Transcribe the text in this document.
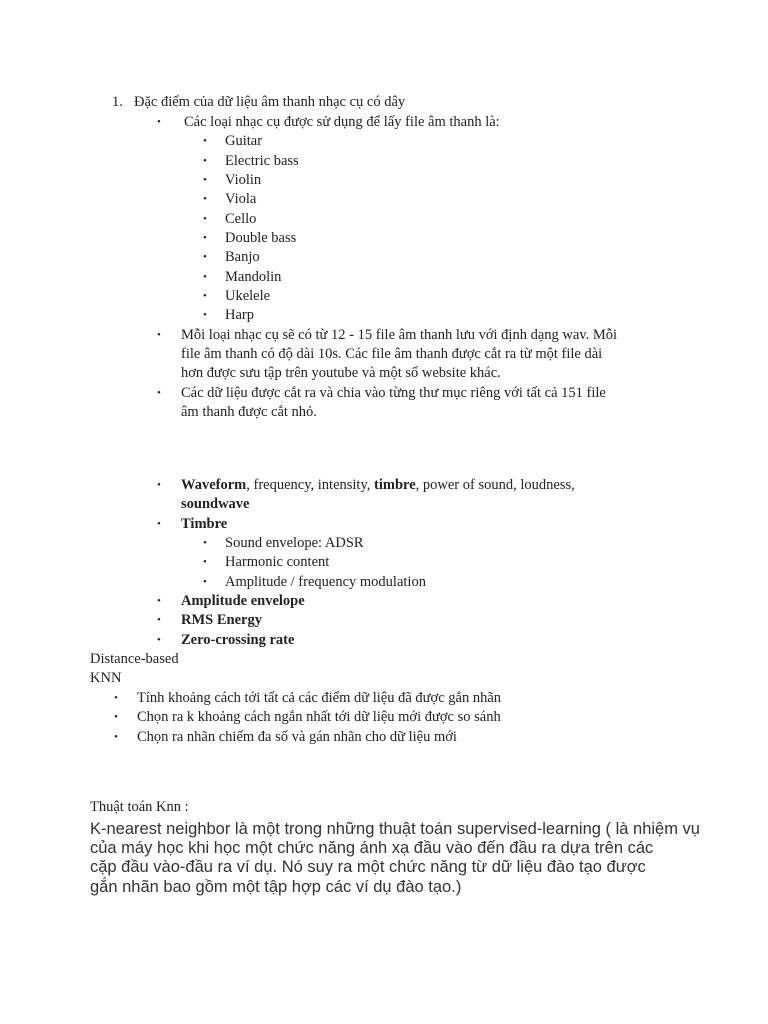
1. Đặc điểm của dữ liệu âm thanh nhạc cụ có dây
• Các loại nhạc cụ được sử dụng để lấy file âm thanh là:
• Guitar
• Electric bass
• Violin
• Viola
• Cello
• Double bass
• Banjo
• Mandolin
• Ukelele
• Harp
• Mỗi loại nhạc cụ sẽ có từ 12 - 15 file âm thanh lưu với định dạng wav. Mỗi
file âm thanh có độ dài 10s. Các file âm thanh được cắt ra từ một file dài
hơn được sưu tập trên youtube và một số website khác.
• Các dữ liệu được cắt ra và chia vào từng thư mục riêng với tất cả 151 file
âm thanh được cắt nhỏ.
• Waveform, frequency, intensity, timbre, power of sound, loudness,
soundwave
• Timbre
• Sound envelope: ADSR
• Harmonic content
• Amplitude / frequency modulation
• Amplitude envelope
• RMS Energy
• Zero-crossing rate
Distance-based
KNN
• Tính khoảng cách tới tất cả các điểm dữ liệu đã được gắn nhãn
• Chọn ra k khoảng cách ngắn nhất tới dữ liệu mới được so sánh
• Chọn ra nhãn chiếm đa số và gán nhãn cho dữ liệu mới
Thuật toán Knn :
K-nearest neighbor là một trong những thuật toán supervised-learning ( là nhiệm vụ
của máy học khi học một chức năng ánh xạ đầu vào đến đầu ra dựa trên các
cặp đầu vào-đầu ra ví dụ. Nó suy ra một chức năng từ dữ liệu đào tạo được
gắn nhãn bao gồm một tập hợp các ví dụ đào tạo.)
